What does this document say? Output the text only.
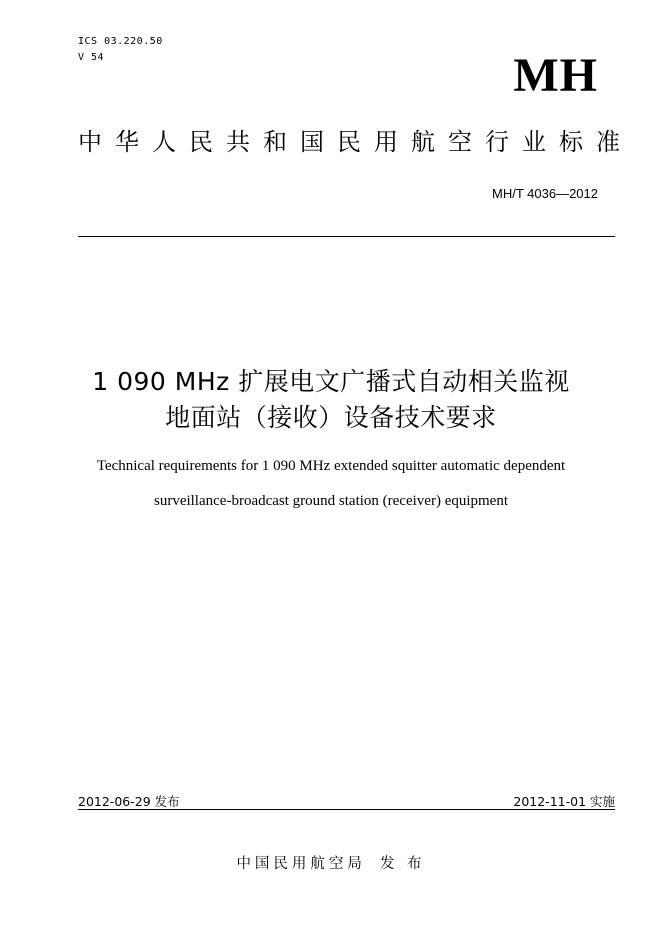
ICS 03.220.50
V 54	MH
中华人民共和国民用航空行业标准
MH/T 4036—2012
1 090 MHz 扩展电文广播式自动相关监视
地面站（接收）设备技术要求
Technical requirements for 1 090 MHz extended squitter automatic dependent
surveillance-broadcast ground station (receiver) equipment
2012-06-29 发布	2012-11-01 实施
中国民用航空局 发 布
